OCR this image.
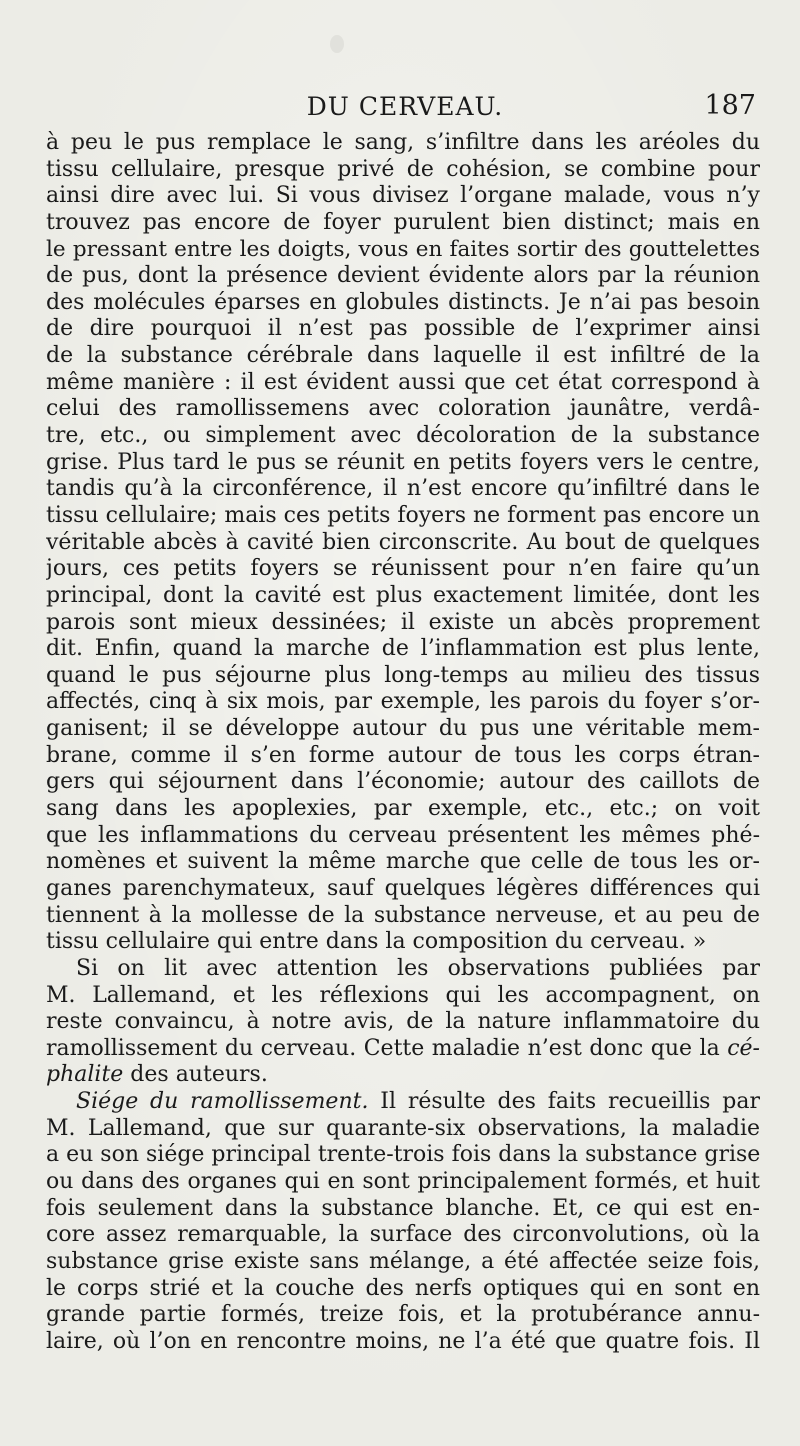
DU CERVEAU.	187
à peu le pus remplace le sang, s’infiltre dans les aréoles du
tissu cellulaire, presque privé de cohésion, se combine pour
ainsi dire avec lui. Si vous divisez l’organe malade, vous n’y
trouvez pas encore de foyer purulent bien distinct; mais en
le pressant entre les doigts, vous en faites sortir des gouttelettes
de pus, dont la présence devient évidente alors par la réunion
des molécules éparses en globules distincts. Je n’ai pas besoin
de dire pourquoi il n’est pas possible de l’exprimer ainsi
de la substance cérébrale dans laquelle il est infiltré de la
même manière : il est évident aussi que cet état correspond à
celui des ramollissemens avec coloration jaunâtre, verdâ-
tre, etc., ou simplement avec décoloration de la substance
grise. Plus tard le pus se réunit en petits foyers vers le centre,
tandis qu’à la circonférence, il n’est encore qu’infiltré dans le
tissu cellulaire; mais ces petits foyers ne forment pas encore un
véritable abcès à cavité bien circonscrite. Au bout de quelques
jours, ces petits foyers se réunissent pour n’en faire qu’un
principal, dont la cavité est plus exactement limitée, dont les
parois sont mieux dessinées; il existe un abcès proprement
dit. Enfin, quand la marche de l’inflammation est plus lente,
quand le pus séjourne plus long-temps au milieu des tissus
affectés, cinq à six mois, par exemple, les parois du foyer s’or-
ganisent; il se développe autour du pus une véritable mem-
brane, comme il s’en forme autour de tous les corps étran-
gers qui séjournent dans l’économie; autour des caillots de
sang dans les apoplexies, par exemple, etc., etc.; on voit
que les inflammations du cerveau présentent les mêmes phé-
nomènes et suivent la même marche que celle de tous les or-
ganes parenchymateux, sauf quelques légères différences qui
tiennent à la mollesse de la substance nerveuse, et au peu de
tissu cellulaire qui entre dans la composition du cerveau. »
Si on lit avec attention les observations publiées par
M. Lallemand, et les réflexions qui les accompagnent, on
reste convaincu, à notre avis, de la nature inflammatoire du
ramollissement du cerveau. Cette maladie n’est donc que la cé-
phalite des auteurs.
Siége du ramollissement. Il résulte des faits recueillis par
M. Lallemand, que sur quarante-six observations, la maladie
a eu son siége principal trente-trois fois dans la substance grise
ou dans des organes qui en sont principalement formés, et huit
fois seulement dans la substance blanche. Et, ce qui est en-
core assez remarquable, la surface des circonvolutions, où la
substance grise existe sans mélange, a été affectée seize fois,
le corps strié et la couche des nerfs optiques qui en sont en
grande partie formés, treize fois, et la protubérance annu-
laire, où l’on en rencontre moins, ne l’a été que quatre fois. Il
